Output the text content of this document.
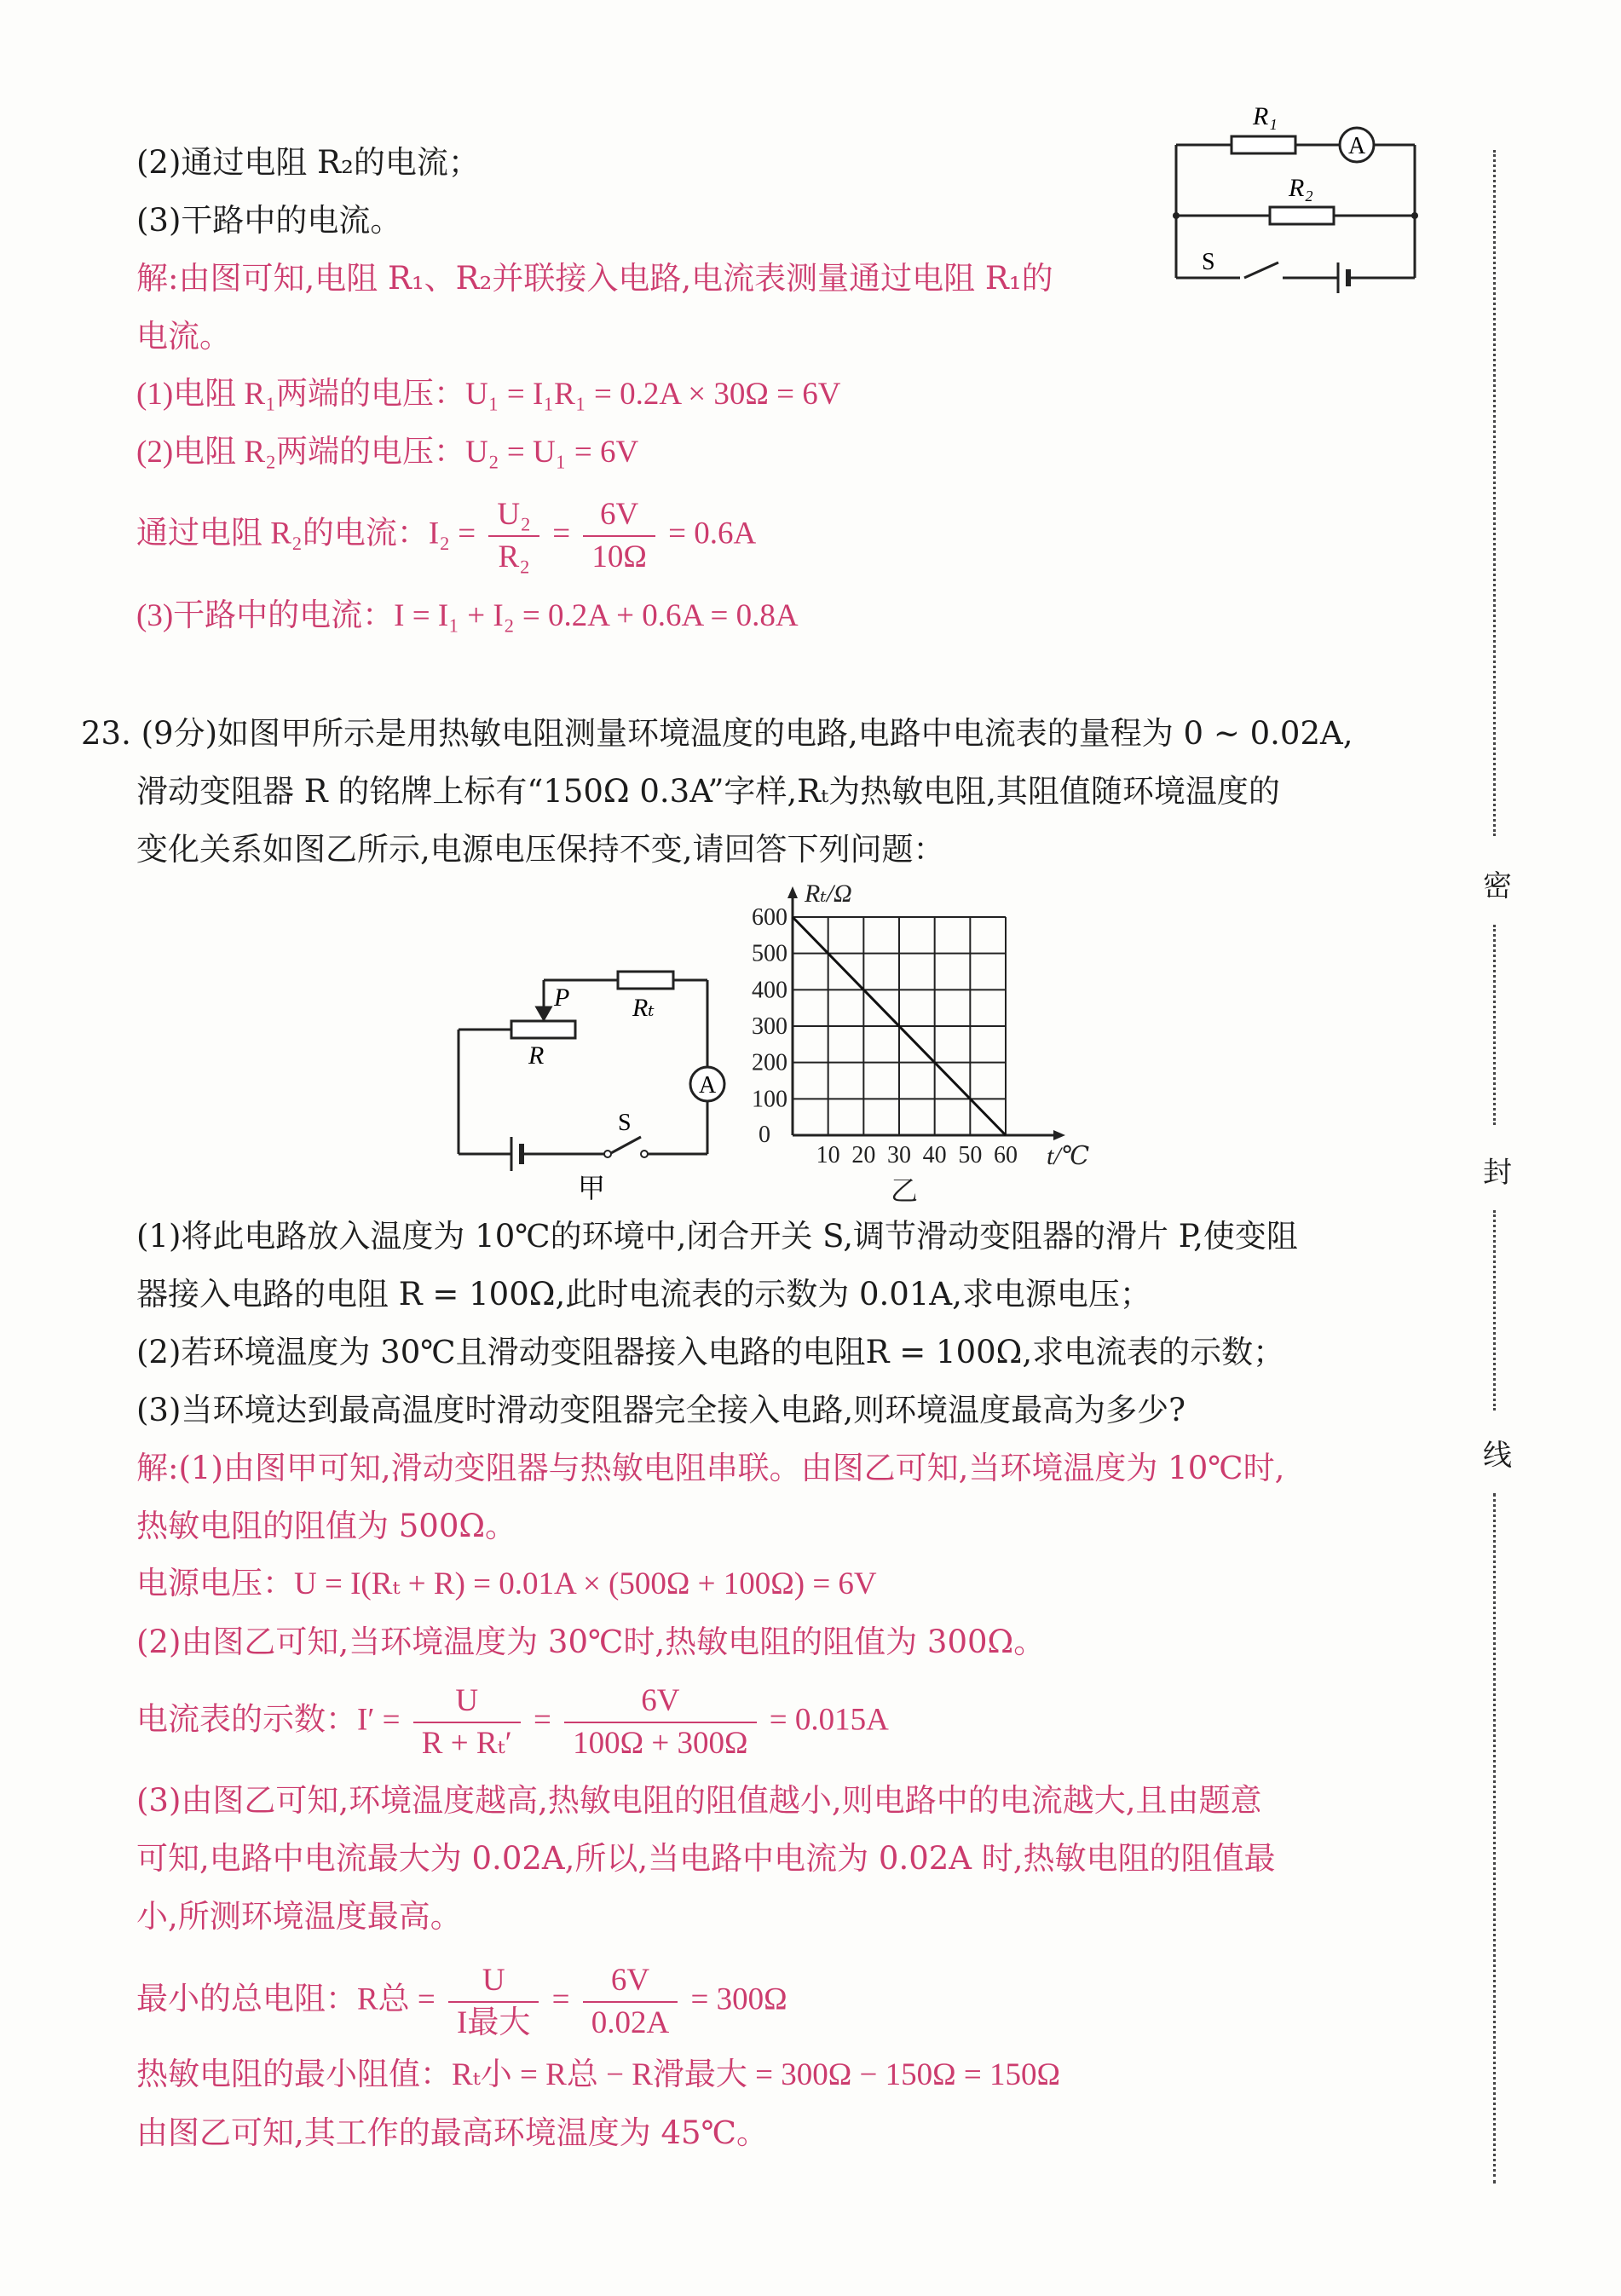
密
封
线
R₁
A
R₂
S
(2)通过电阻 R₂的电流；
(3)干路中的电流。
解:由图可知,电阻 R₁、R₂并联接入电路,电流表测量通过电阻 R₁的
电流。
(1)电阻 R₁两端的电压：U₁ = I₁R₁ = 0.2A × 30Ω = 6V
(2)电阻 R₂两端的电压：U₂ = U₁ = 6V
通过电阻 R₂的电流：$I_2 = \frac{\text{U₂}}{\text{R₂}} = \frac{6V}{10\Omega} = 0.6A$
(3)干路中的电流：I = I₁ + I₂ = 0.2A + 0.6A = 0.8A
23. (9分)如图甲所示是用热敏电阻测量环境温度的电路,电路中电流表的量程为 0 ~ 0.02A,
滑动变阻器 R 的铭牌上标有“150Ω 0.3A”字样,Rₜ为热敏电阻,其阻值随环境温度的
变化关系如图乙所示,电源电压保持不变,请回答下列问题：
P Rₜ
R
A
S
甲
10 20 30 40 50 60
100
200
300
400
500
600
0
t/℃
Rₜ/Ω
乙
(1)将此电路放入温度为 10℃的环境中,闭合开关 S,调节滑动变阻器的滑片 P,使变阻
器接入电路的电阻 R = 100Ω,此时电流表的示数为 0.01A,求电源电压；
(2)若环境温度为 30℃且滑动变阻器接入电路的电阻R = 100Ω,求电流表的示数；
(3)当环境达到最高温度时滑动变阻器完全接入电路,则环境温度最高为多少?
解:(1)由图甲可知,滑动变阻器与热敏电阻串联。由图乙可知,当环境温度为 10℃时,
热敏电阻的阻值为 500Ω。
电源电压：U = I(Rₜ + R) = 0.01A × (500Ω + 100Ω) = 6V
(2)由图乙可知,当环境温度为 30℃时,热敏电阻的阻值为 300Ω。
电流表的示数：$I' = \frac{U}{\text{R + Rₜ′}} = \frac{6V}{100\Omega + 300\Omega} = 0.015A$
(3)由图乙可知,环境温度越高,热敏电阻的阻值越小,则电路中的电流越大,且由题意
可知,电路中电流最大为 0.02A,所以,当电路中电流为 0.02A 时,热敏电阻的阻值最
小,所测环境温度最高。
最小的总电阻：R总 = $\frac{U}{\text{I最大}} = \frac{6V}{0.02A} = 300\Omega$
热敏电阻的最小阻值：Rₜ小 = R总 − R滑最大 = 300Ω − 150Ω = 150Ω
由图乙可知,其工作的最高环境温度为 45℃。
